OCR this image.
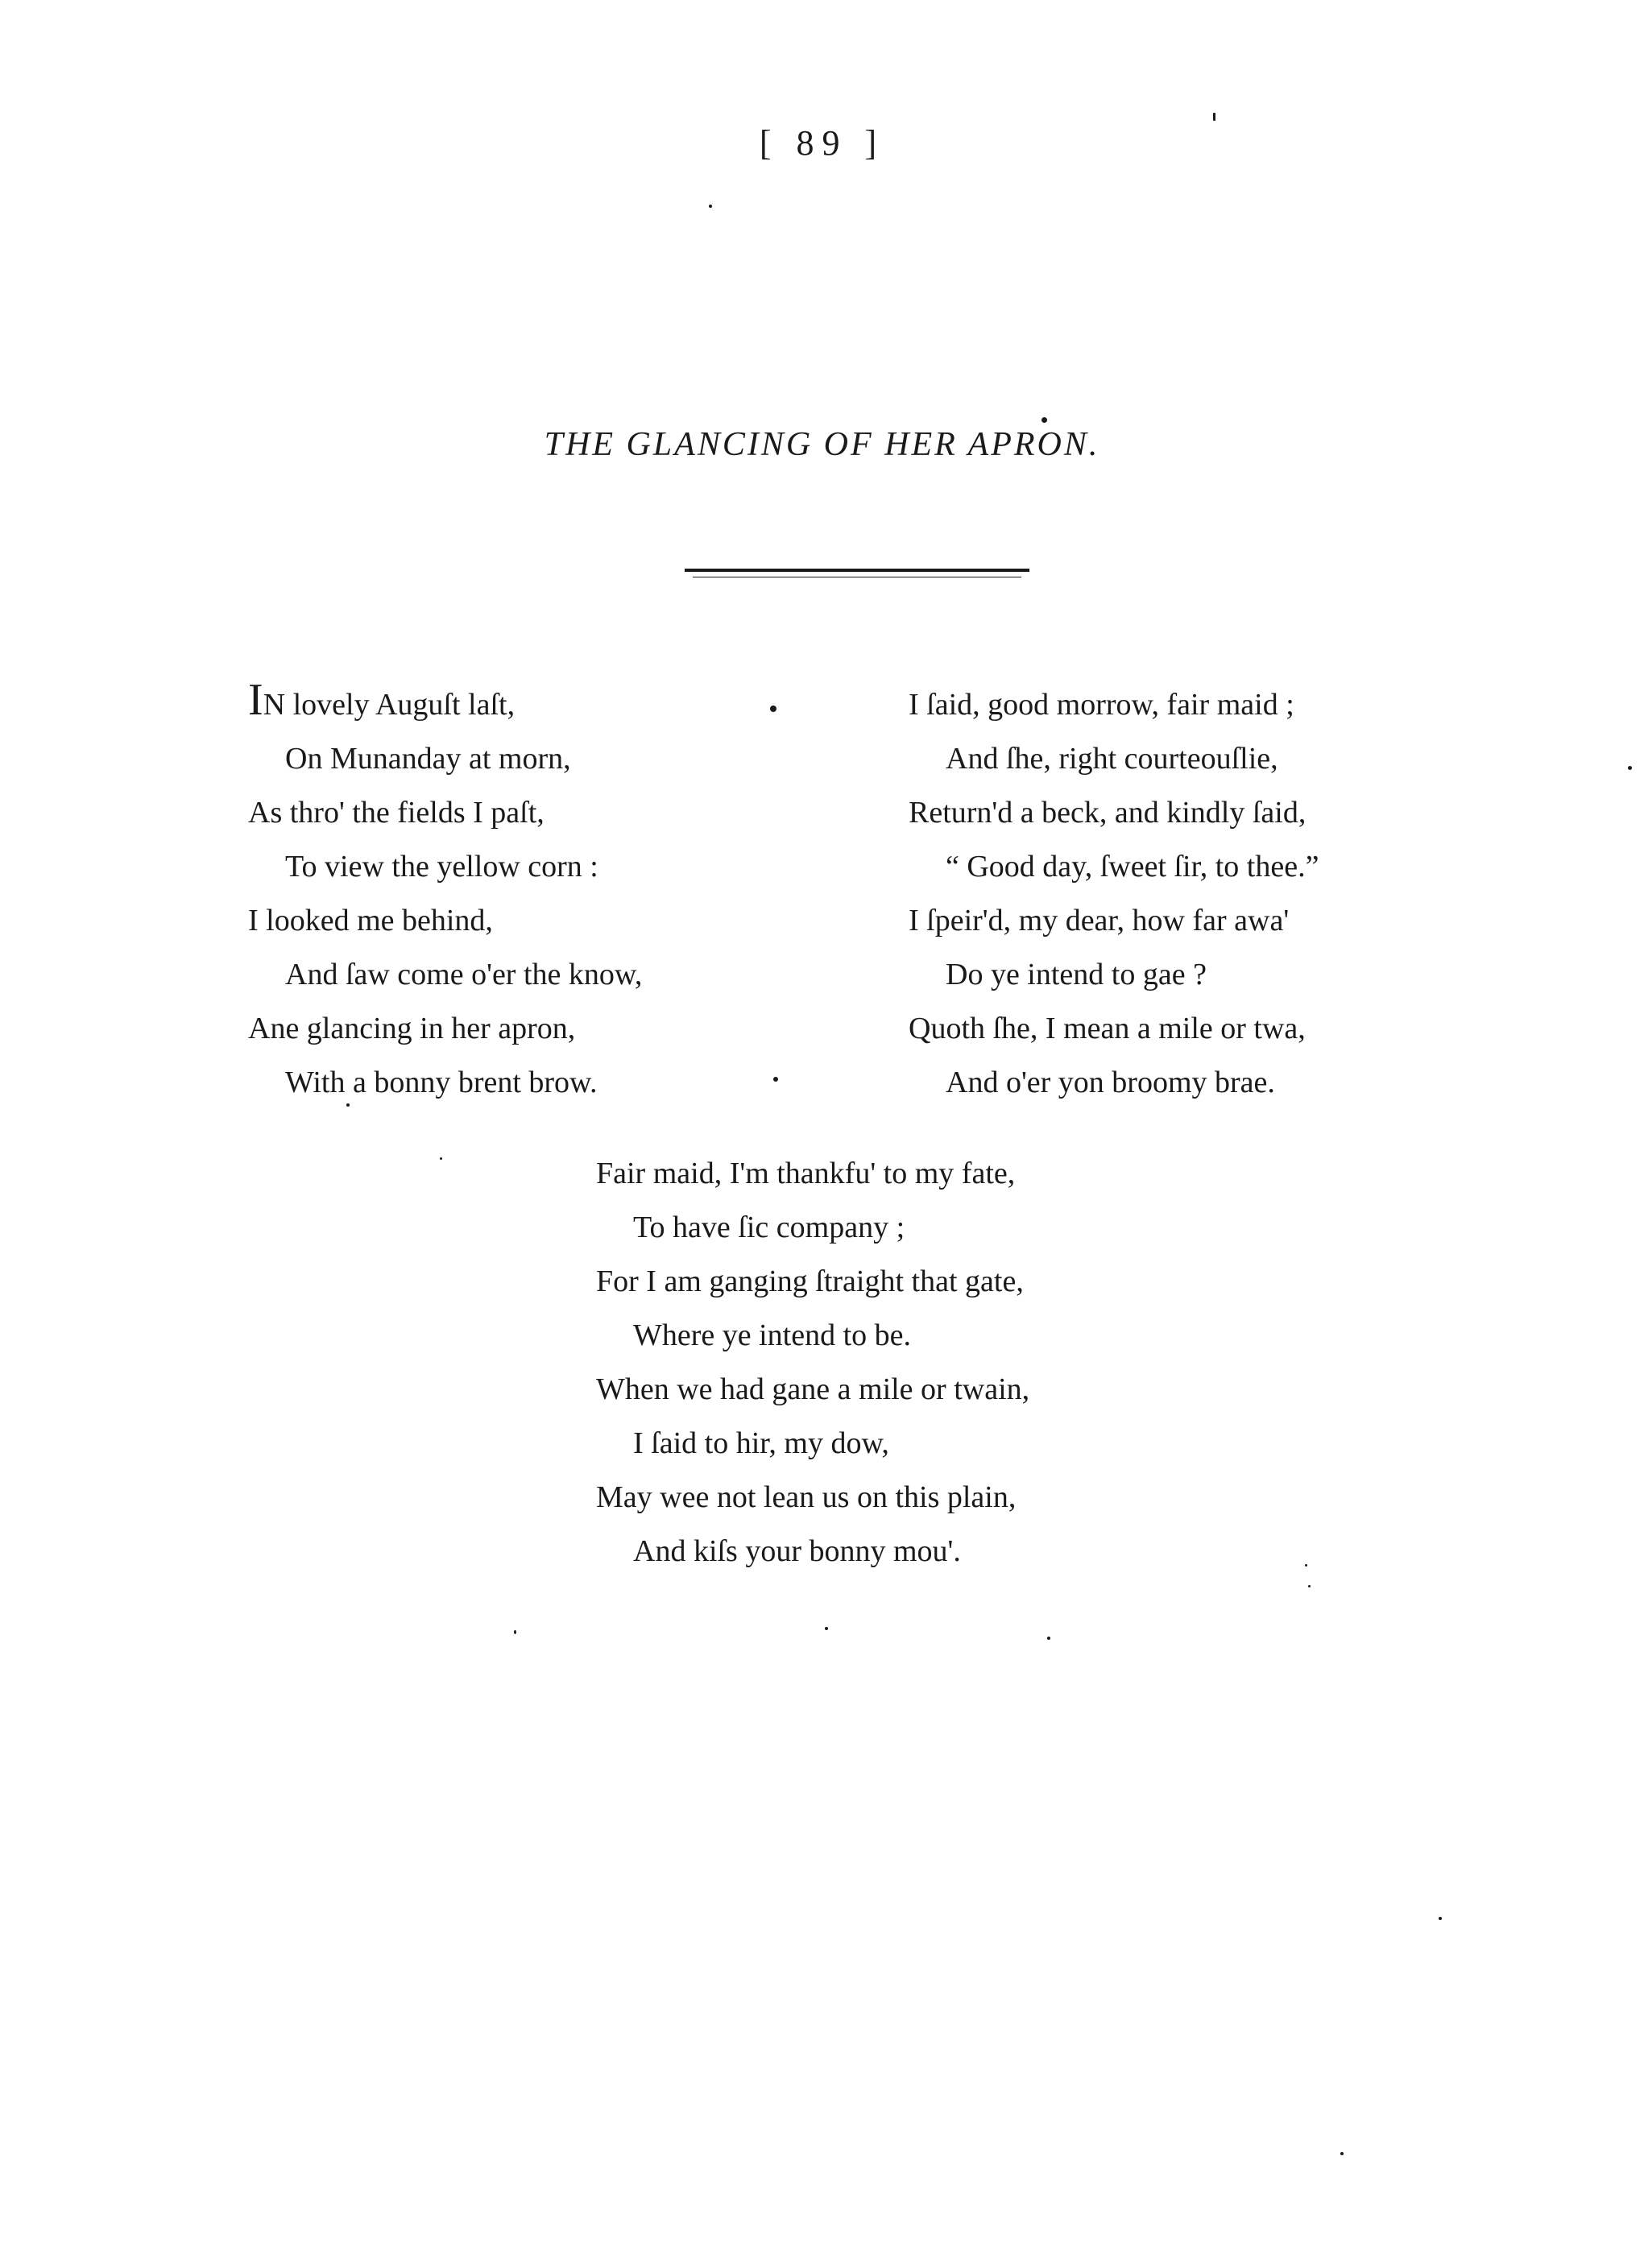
[ 89 ]
THE GLANCING OF HER APRON.
IN lovely Auguſt laſt,
On Munanday at morn,
As thro' the fields I paſt,
To view the yellow corn :
I looked me behind,
And ſaw come o'er the know,
Ane glancing in her apron,
With a bonny brent brow.
I ſaid, good morrow, fair maid ;
And ſhe, right courteouſlie,
Return'd a beck, and kindly ſaid,
“ Good day, ſweet ſir, to thee.”
I ſpeir'd, my dear, how far awa'
Do ye intend to gae ?
Quoth ſhe, I mean a mile or twa,
And o'er yon broomy brae.
Fair maid, I'm thankfu' to my fate,
To have ſic company ;
For I am ganging ſtraight that gate,
Where ye intend to be.
When we had gane a mile or twain,
I ſaid to hir, my dow,
May wee not lean us on this plain,
And kiſs your bonny mou'.
